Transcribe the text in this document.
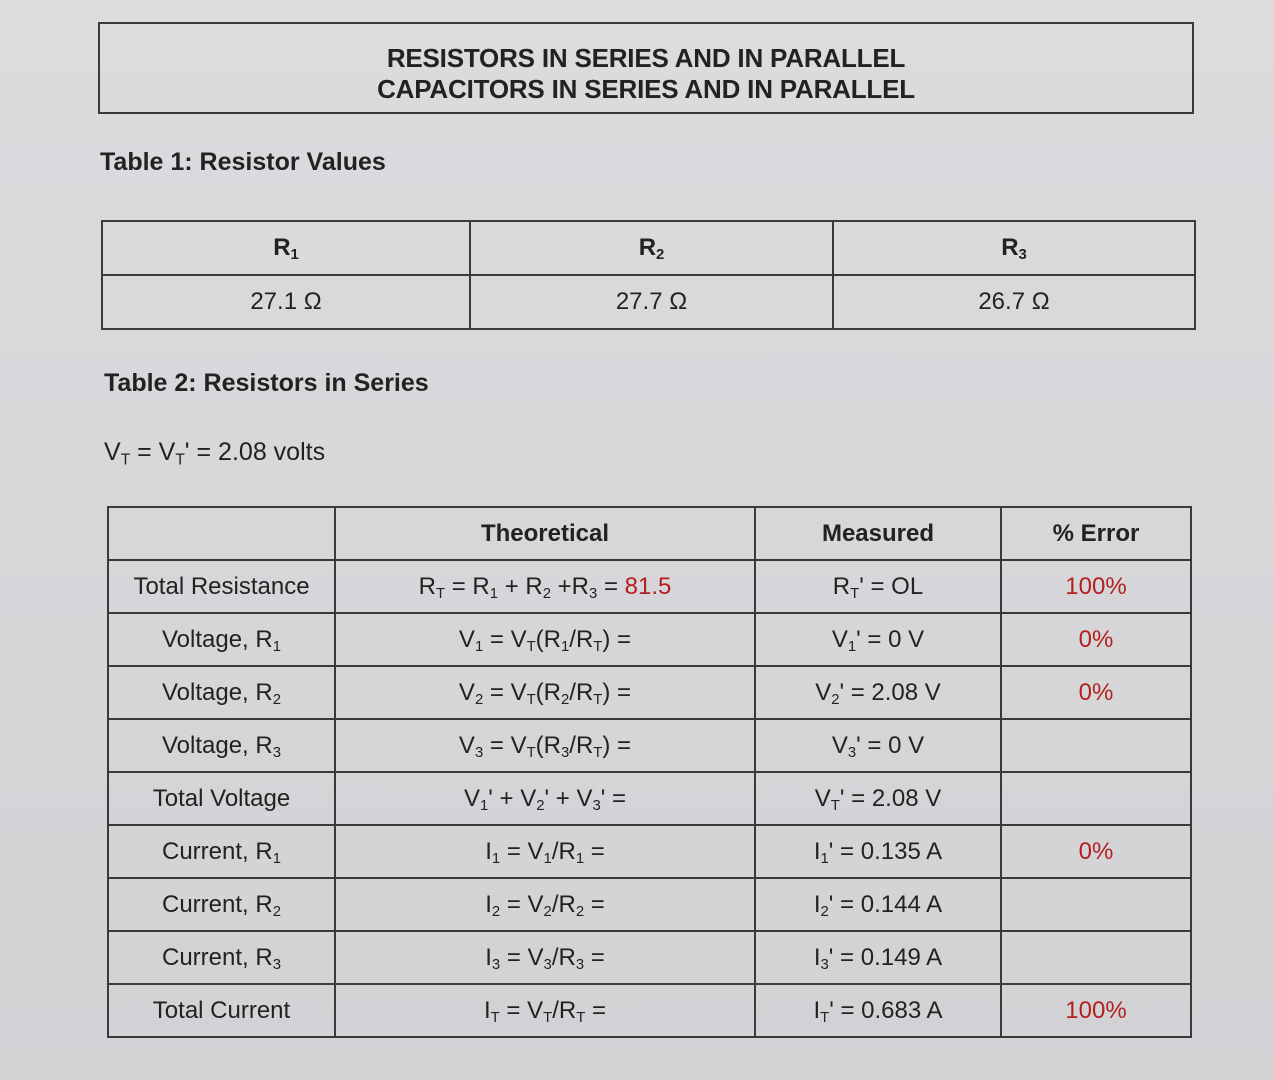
RESISTORS IN SERIES AND IN PARALLEL
CAPACITORS IN SERIES AND IN PARALLEL
Table 1: Resistor Values
$R_1$	$R_2$	$R_3$
27.1 Ω	27.7 Ω	26.7 Ω
Table 2: Resistors in Series
$V_T = V_T' = 2.08$ volts
	Theoretical	Measured	% Error
Total Resistance	$R_T = R_1 + R_2 +R_3 = 81.5$	$R_T'$ = OL	100%
Voltage, $R_1$	$V_1 = V_T(R_1/R_T)$ =	$V_1' = 0$ V	0%
Voltage, $R_2$	$V_2 = V_T(R_2/R_T)$ =	$V_2' = 2.08$ V	0%
Voltage, $R_3$	$V_3 = V_T(R_3/R_T)$ =	$V_3' = 0$ V	
Total Voltage	$V_1' + V_2' + V_3'$ =	$V_T' = 2.08$ V	
Current, $R_1$	$I_1 = V_1/R_1$ =	$I_1' = 0.135$ A	0%
Current, $R_2$	$I_2 = V_2/R_2$ =	$I_2' = 0.144$ A	
Current, $R_3$	$I_3 = V_3/R_3$ =	$I_3' = 0.149$ A	
Total Current	$I_T = V_T/R_T$ =	$I_T' = 0.683$ A	100%
